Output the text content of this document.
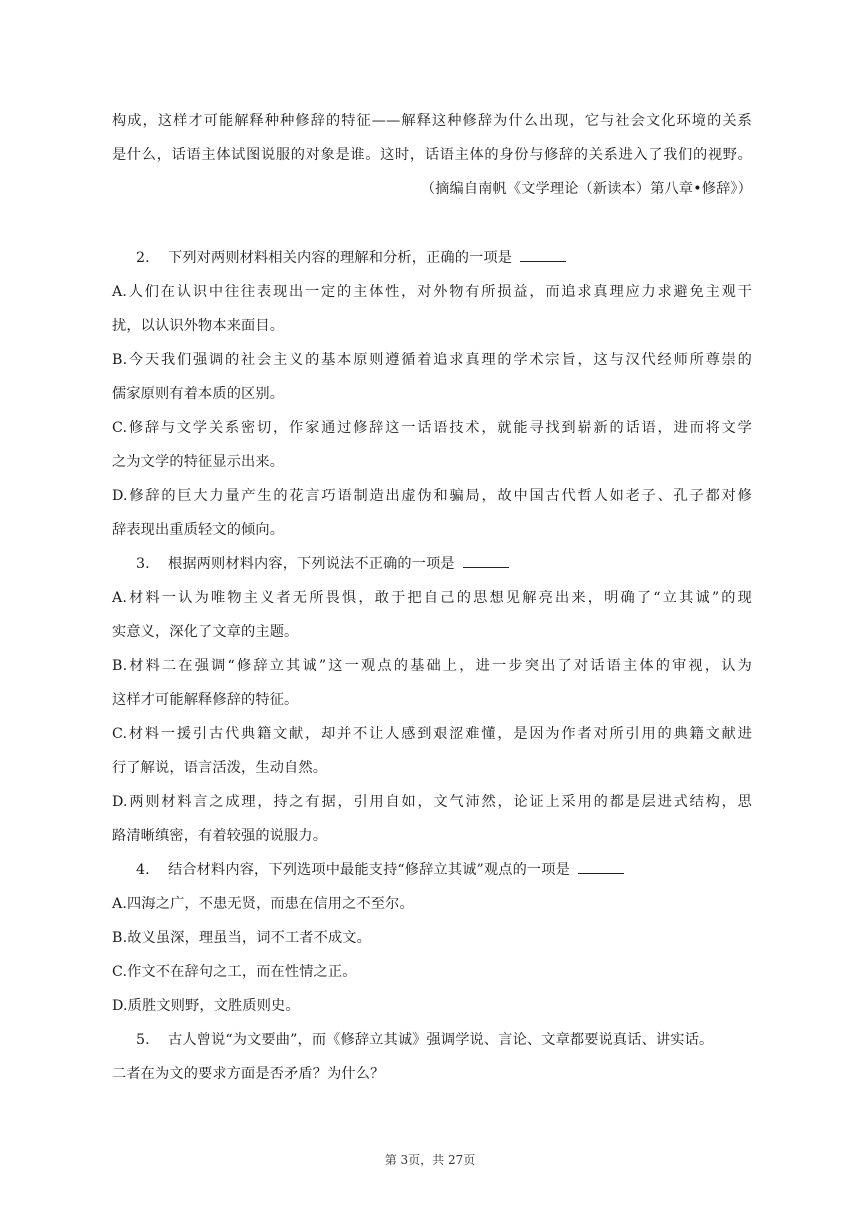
构成，这样才可能解释种种修辞的特征——解释这种修辞为什么出现，它与社会文化环境的关系
是什么，话语主体试图说服的对象是谁。这时，话语主体的身份与修辞的关系进入了我们的视野。
（摘编自南帆《文学理论（新读本）第八章•修辞》）
2. 下列对两则材料相关内容的理解和分析，正确的一项是
A.人们在认识中往往表现出一定的主体性，对外物有所损益，而追求真理应力求避免主观干
扰，以认识外物本来面目。
B.今天我们强调的社会主义的基本原则遵循着追求真理的学术宗旨，这与汉代经师所尊崇的
儒家原则有着本质的区别。
C.修辞与文学关系密切，作家通过修辞这一话语技术，就能寻找到崭新的话语，进而将文学
之为文学的特征显示出来。
D.修辞的巨大力量产生的花言巧语制造出虚伪和骗局，故中国古代哲人如老子、孔子都对修
辞表现出重质轻文的倾向。
3. 根据两则材料内容，下列说法不正确的一项是
A.材料一认为唯物主义者无所畏惧，敢于把自己的思想见解亮出来，明确了“立其诚”的现
实意义，深化了文章的主题。
B.材料二在强调“修辞立其诚”这一观点的基础上，进一步突出了对话语主体的审视，认为
这样才可能解释修辞的特征。
C.材料一援引古代典籍文献，却并不让人感到艰涩难懂，是因为作者对所引用的典籍文献进
行了解说，语言活泼，生动自然。
D.两则材料言之成理，持之有据，引用自如，文气沛然，论证上采用的都是层进式结构，思
路清晰缜密，有着较强的说服力。
4. 结合材料内容，下列选项中最能支持“修辞立其诚”观点的一项是
A.四海之广，不患无贤，而患在信用之不至尔。
B.故义虽深，理虽当，词不工者不成文。
C.作文不在辞句之工，而在性情之正。
D.质胜文则野，文胜质则史。
5. 古人曾说“为文要曲”，而《修辞立其诚》强调学说、言论、文章都要说真话、讲实话。
二者在为文的要求方面是否矛盾？为什么？
第 3页，共 27页
